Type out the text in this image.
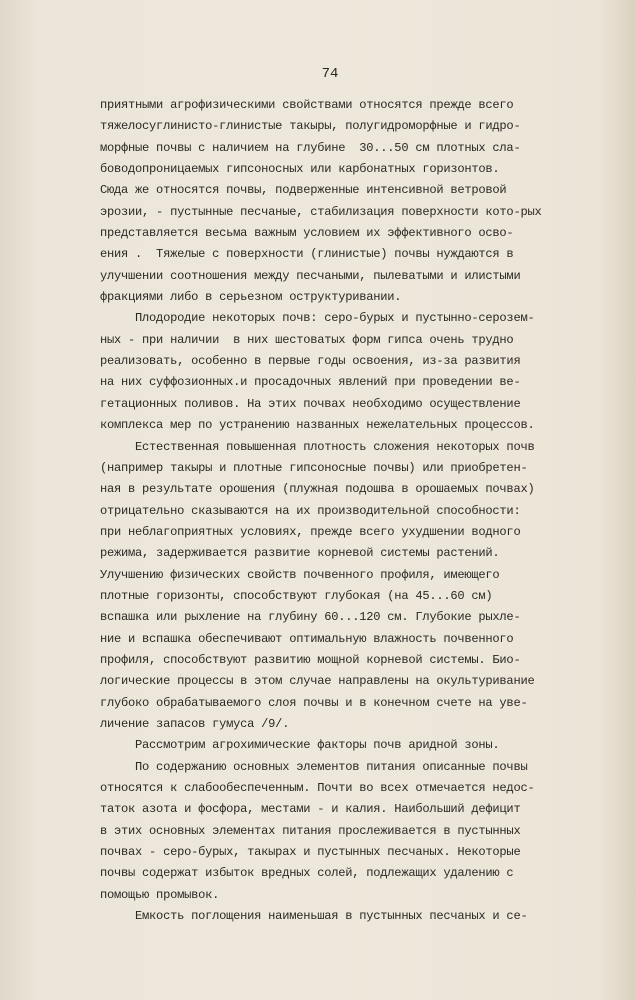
74
приятными агрофизическими свойствами относятся прежде всего
тяжелосуглинисто-глинистые такыры, полугидроморфные и гидро-
морфные почвы с наличием на глубине  30...50 см плотных сла-
боводопроницаемых гипсоносных или карбонатных горизонтов.
Сюда же относятся почвы, подверженные интенсивной ветровой
эрозии, - пустынные песчаные, стабилизация поверхности кото-рых
представляется весьма важным условием их эффективного осво-
ения .  Тяжелые с поверхности (глинистые) почвы нуждаются в
улучшении соотношения между песчаными, пылеватыми и илистыми
фракциями либо в серьезном оструктуривании.
Плодородие некоторых почв: серо-бурых и пустынно-серозем-
ных - при наличии  в них шестоватых форм гипса очень трудно
реализовать, особенно в первые годы освоения, из-за развития
на них суффозионных.и просадочных явлений при проведении ве-
гетационных поливов. На этих почвах необходимо осуществление
комплекса мер по устранению названных нежелательных процессов.
Естественная повышенная плотность сложения некоторых почв
(например такыры и плотные гипсоносные почвы) или приобретен-
ная в результате орошения (плужная подошва в орошаемых почвах)
отрицательно сказываются на их производительной способности:
при неблагоприятных условиях, прежде всего ухудшении водного
режима, задерживается развитие корневой системы растений.
Улучшению физических свойств почвенного профиля, имеющего
плотные горизонты, способствуют глубокая (на 45...60 см)
вспашка или рыхление на глубину 60...120 см. Глубокие рыхле-
ние и вспашка обеспечивают оптимальную влажность почвенного
профиля, способствуют развитию мощной корневой системы. Био-
логические процессы в этом случае направлены на окультуривание
глубоко обрабатываемого слоя почвы и в конечном счете на уве-
личение запасов гумуса /9/.
Рассмотрим агрохимические факторы почв аридной зоны.
По содержанию основных элементов питания описанные почвы
относятся к слабообеспеченным. Почти во всех отмечается недос-
таток азота и фосфора, местами - и калия. Наибольший дефицит
в этих основных элементах питания прослеживается в пустынных
почвах - серо-бурых, такырах и пустынных песчаных. Некоторые
почвы содержат избыток вредных солей, подлежащих удалению с
помощью промывок.
Емкость поглощения наименьшая в пустынных песчаных и се-
